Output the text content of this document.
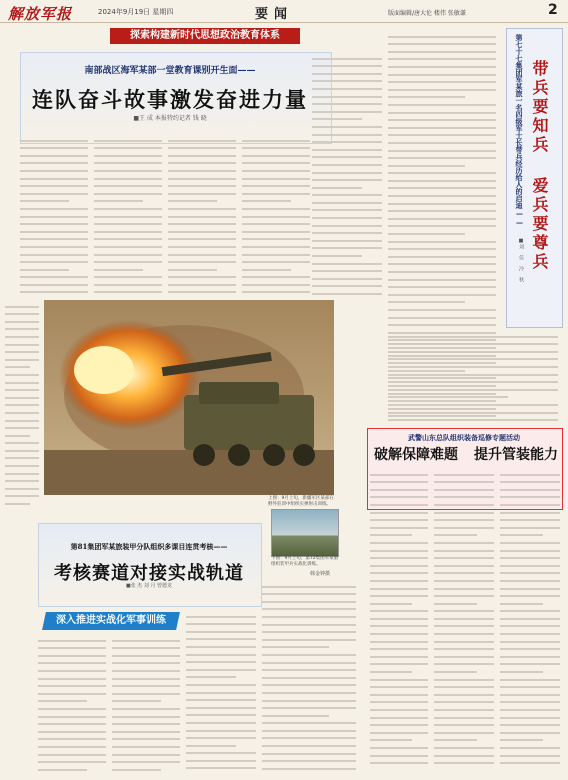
解放军报	2024年9月19日 星期四	要闻	版面编辑/唐大伦 楼伟 张敏谦	2
探索构建新时代思想政治教育体系
南部战区海军某部一堂教育课别开生面——
连队奋斗故事激发奋进力量
■王 成 本报特约记者 钱 晓
上图：9月上旬，新疆军区某部在野外驻训中组织实弹射击训练。
第七十七集团军某旅一名四级军士长带兵经历给人的启迪—— 带兵要知兵 爱兵要尊兵
■刘 佳 冷 秋
武警山东总队组织装备巡修专题活动
破解保障难题 提升管装能力
第81集团军某旅装甲分队组织多课目连贯考核——
考核赛道对接实战轨道
■张 杰 刘 月 曾德龙
深入推进实战化军事训练
下图：9月上旬，第72集团军某旅组织装甲兵实战化训练。
韩金钟摄
